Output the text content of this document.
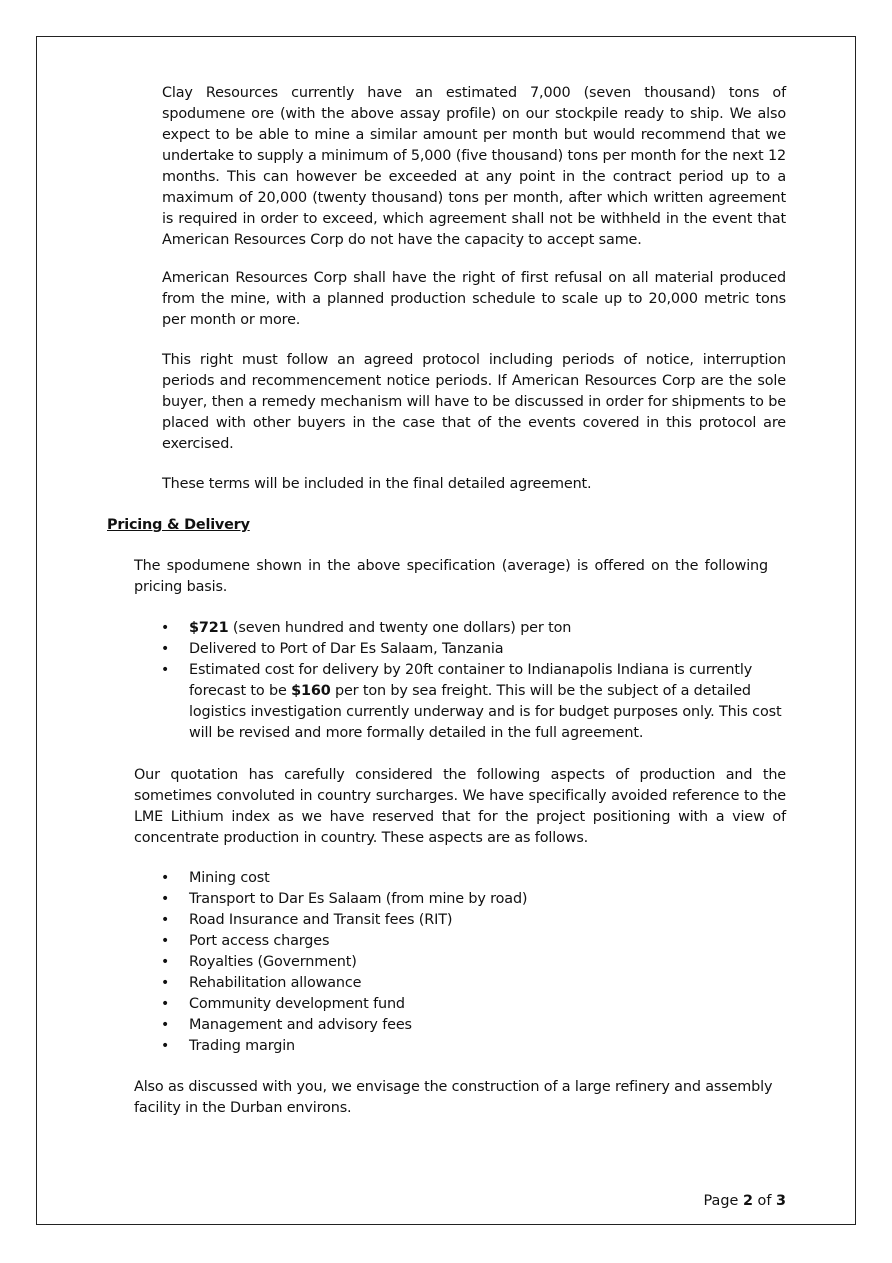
Clay Resources currently have an estimated 7,000 (seven thousand) tons of spodumene ore (with the above assay profile) on our stockpile ready to ship. We also expect to be able to mine a similar amount per month but would recommend that we undertake to supply a minimum of 5,000 (five thousand) tons per month for the next 12 months. This can however be exceeded at any point in the contract period up to a maximum of 20,000 (twenty thousand) tons per month, after which written agreement is required in order to exceed, which agreement shall not be withheld in the event that American Resources Corp do not have the capacity to accept same.

American Resources Corp shall have the right of first refusal on all material produced from the mine, with a planned production schedule to scale up to 20,000 metric tons per month or more.

This right must follow an agreed protocol including periods of notice, interruption periods and recommencement notice periods. If American Resources Corp are the sole buyer, then a remedy mechanism will have to be discussed in order for shipments to be placed with other buyers in the case that of the events covered in this protocol are exercised.

These terms will be included in the final detailed agreement.

Pricing & Delivery

The spodumene shown in the above specification (average) is offered on the following pricing basis.

• $721 (seven hundred and twenty one dollars) per ton
• Delivered to Port of Dar Es Salaam, Tanzania
• Estimated cost for delivery by 20ft container to Indianapolis Indiana is currently forecast to be $160 per ton by sea freight. This will be the subject of a detailed logistics investigation currently underway and is for budget purposes only. This cost will be revised and more formally detailed in the full agreement.

Our quotation has carefully considered the following aspects of production and the sometimes convoluted in country surcharges. We have specifically avoided reference to the LME Lithium index as we have reserved that for the project positioning with a view of concentrate production in country. These aspects are as follows.

• Mining cost
• Transport to Dar Es Salaam (from mine by road)
• Road Insurance and Transit fees (RIT)
• Port access charges
• Royalties (Government)
• Rehabilitation allowance
• Community development fund
• Management and advisory fees
• Trading margin

Also as discussed with you, we envisage the construction of a large refinery and assembly facility in the Durban environs.

Page 2 of 3
